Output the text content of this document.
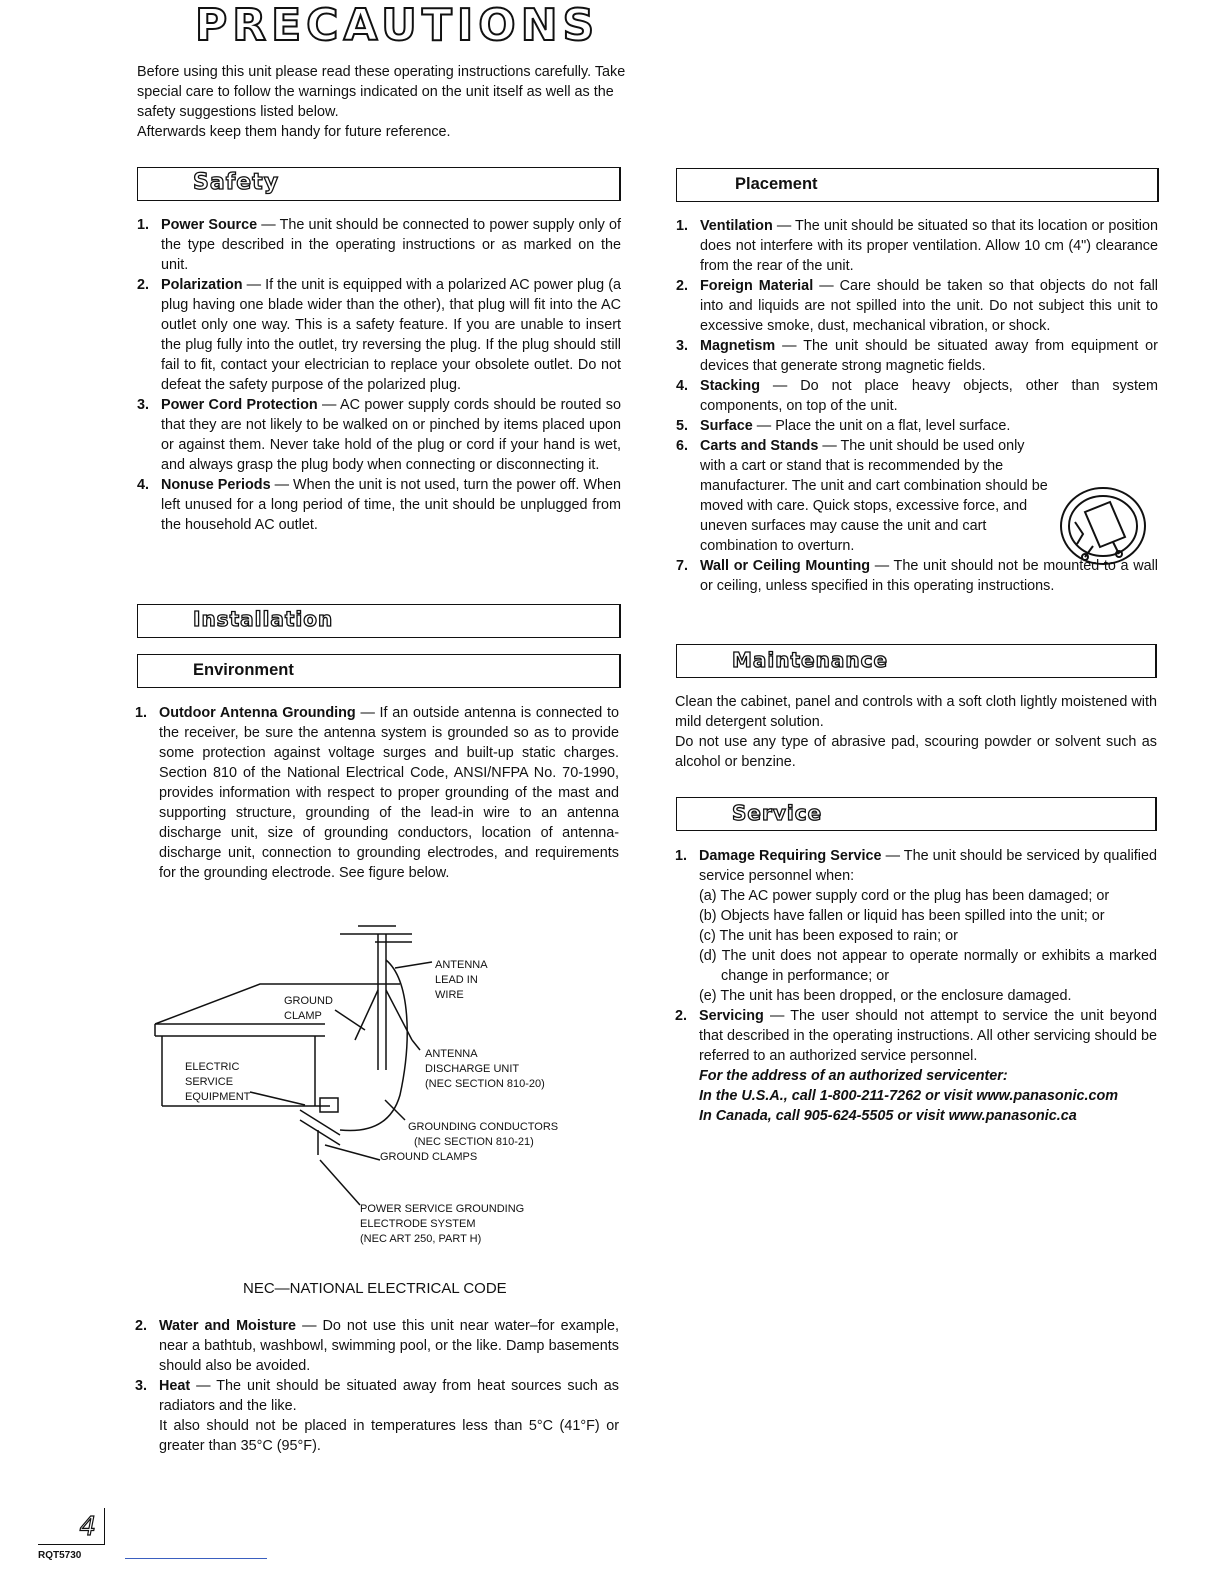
PRECAUTIONS

Before using this unit please read these operating instructions carefully. Take special care to follow the warnings indicated on the unit itself as well as the safety suggestions listed below.

Afterwards keep them handy for future reference.

Safety
1. Power Source — The unit should be connected to power supply only of the type described in the operating instructions or as marked on the unit.
2. Polarization — If the unit is equipped with a polarized AC power plug (a plug having one blade wider than the other), that plug will fit into the AC outlet only one way. This is a safety feature. If you are unable to insert the plug fully into the outlet, try reversing the plug. If the plug should still fail to fit, contact your electrician to replace your obsolete outlet. Do not defeat the safety purpose of the polarized plug.
3. Power Cord Protection — AC power supply cords should be routed so that they are not likely to be walked on or pinched by items placed upon or against them. Never take hold of the plug or cord if your hand is wet, and always grasp the plug body when connecting or disconnecting it.
4. Nonuse Periods — When the unit is not used, turn the power off. When left unused for a long period of time, the unit should be unplugged from the household AC outlet.
Installation
Environment
1. Outdoor Antenna Grounding — If an outside antenna is connected to the receiver, be sure the antenna system is grounded so as to provide some protection against voltage surges and built-up static charges. Section 810 of the National Electrical Code, ANSI/NFPA No. 70-1990, provides information with respect to proper grounding of the mast and supporting structure, grounding of the lead-in wire to an antenna discharge unit, size of grounding conductors, location of antenna-discharge unit, connection to grounding electrodes, and requirements for the grounding electrode. See figure below.
ANTENNA
LEAD IN
WIRE
GROUND
CLAMP
ELECTRIC
SERVICE
EQUIPMENT
ANTENNA
DISCHARGE UNIT
(NEC SECTION 810-20)
GROUNDING CONDUCTORS
(NEC SECTION 810-21)
GROUND CLAMPS
POWER SERVICE GROUNDING
ELECTRODE SYSTEM
(NEC ART 250, PART H)
NEC—NATIONAL ELECTRICAL CODE
2. Water and Moisture — Do not use this unit near water–for example, near a bathtub, washbowl, swimming pool, or the like. Damp basements should also be avoided.
3. Heat — The unit should be situated away from heat sources such as radiators and the like.
It also should not be placed in temperatures less than 5°C (41°F) or greater than 35°C (95°F).
Placement
1. Ventilation — The unit should be situated so that its location or position does not interfere with its proper ventilation. Allow 10 cm (4") clearance from the rear of the unit.
2. Foreign Material — Care should be taken so that objects do not fall into and liquids are not spilled into the unit. Do not subject this unit to excessive smoke, dust, mechanical vibration, or shock.
3. Magnetism — The unit should be situated away from equipment or devices that generate strong magnetic fields.
4. Stacking — Do not place heavy objects, other than system components, on top of the unit.
5. Surface — Place the unit on a flat, level surface.
6. Carts and Stands — The unit should be used only with a cart or stand that is recommended by the manufacturer. The unit and cart combination should be moved with care. Quick stops, excessive force, and uneven surfaces may cause the unit and cart combination to overturn.
7. Wall or Ceiling Mounting — The unit should not be mounted to a wall or ceiling, unless specified in this operating instructions.
Maintenance

Clean the cabinet, panel and controls with a soft cloth lightly moistened with mild detergent solution.

Do not use any type of abrasive pad, scouring powder or solvent such as alcohol or benzine.

Service
1. Damage Requiring Service — The unit should be serviced by qualified service personnel when:
(a) The AC power supply cord or the plug has been damaged; or
(b) Objects have fallen or liquid has been spilled into the unit; or
(c) The unit has been exposed to rain; or
(d) The unit does not appear to operate normally or exhibits a marked change in performance; or
(e) The unit has been dropped, or the enclosure damaged.
2. Servicing — The user should not attempt to service the unit beyond that described in the operating instructions. All other servicing should be referred to an authorized service personnel.
For the address of an authorized servicenter:
In the U.S.A., call 1-800-211-7262 or visit www.panasonic.com
In Canada, call 905-624-5505 or visit www.panasonic.ca
4
RQT5730
